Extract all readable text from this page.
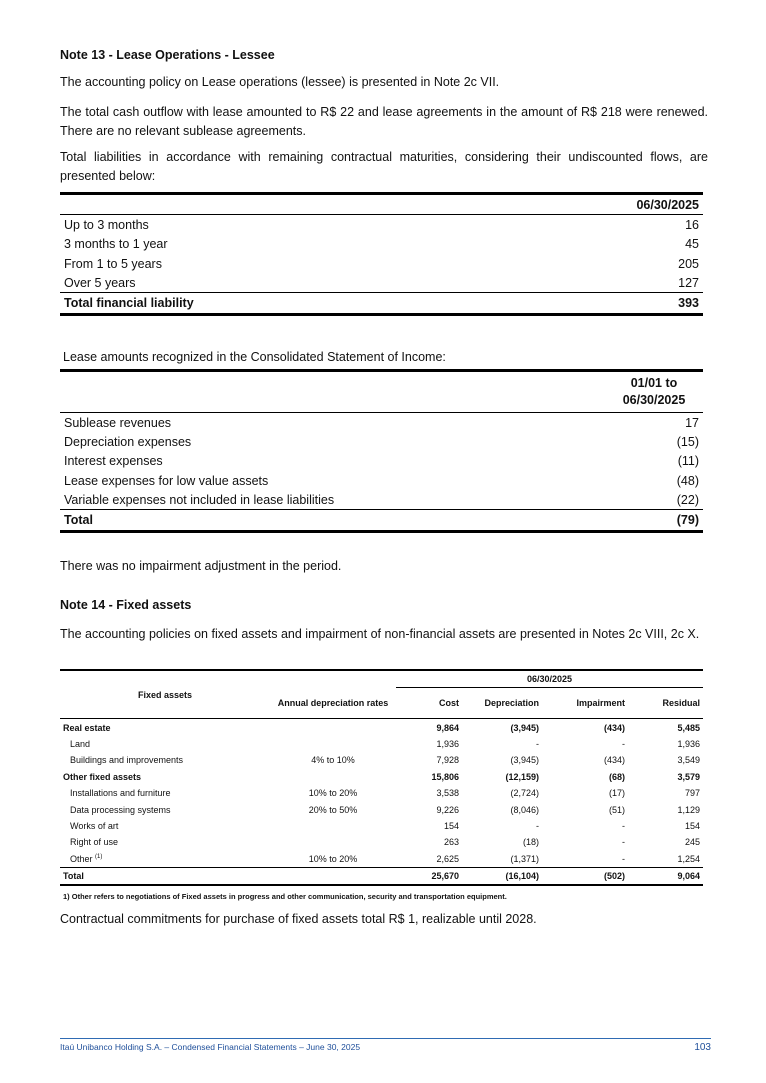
Note 13 - Lease Operations - Lessee
The accounting policy on Lease operations (lessee) is presented in Note 2c VII.
The total cash outflow with lease amounted to R$ 22 and lease agreements in the amount of R$ 218 were renewed. There are no relevant sublease agreements.
Total liabilities in accordance with remaining contractual maturities, considering their undiscounted flows, are presented below:
	06/30/2025
Up to 3 months	16
3 months to 1 year	45
From 1 to 5 years	205
Over 5 years	127
Total financial liability	393
Lease amounts recognized in the Consolidated Statement of Income:

	01/01 to
06/30/2025

Sublease revenues	17
Depreciation expenses	(15)
Interest expenses	(11)
Lease expenses for low value assets	(48)
Variable expenses not included in lease liabilities	(22)
Total	(79)
There was no impairment adjustment in the period.
Note 14 - Fixed assets
The accounting policies on fixed assets and impairment of non-financial assets are presented in Notes 2c VIII, 2c X.
Fixed assets		06/30/2025			
	Annual depreciation rates	Cost	Depreciation	Impairment	Residual
Real estate		9,864	(3,945)	(434)	5,485
Land		1,936	-	-	1,936
Buildings and improvements	4% to 10%	7,928	(3,945)	(434)	3,549
Other fixed assets		15,806	(12,159)	(68)	3,579
Installations and furniture	10% to 20%	3,538	(2,724)	(17)	797
Data processing systems	20% to 50%	9,226	(8,046)	(51)	1,129
Works of art		154	-	-	154
Right of use		263	(18)	-	245
Other $^{(1)}$	10% to 20%	2,625	(1,371)	-	1,254
Total		25,670	(16,104)	(502)	9,064
1) Other refers to negotiations of Fixed assets in progress and other communication, security and transportation equipment.					
Contractual commitments for purchase of fixed assets total R$ 1, realizable until 2028.
Itaú Unibanco Holding S.A. – Condensed Financial Statements – June 30, 2025	103
